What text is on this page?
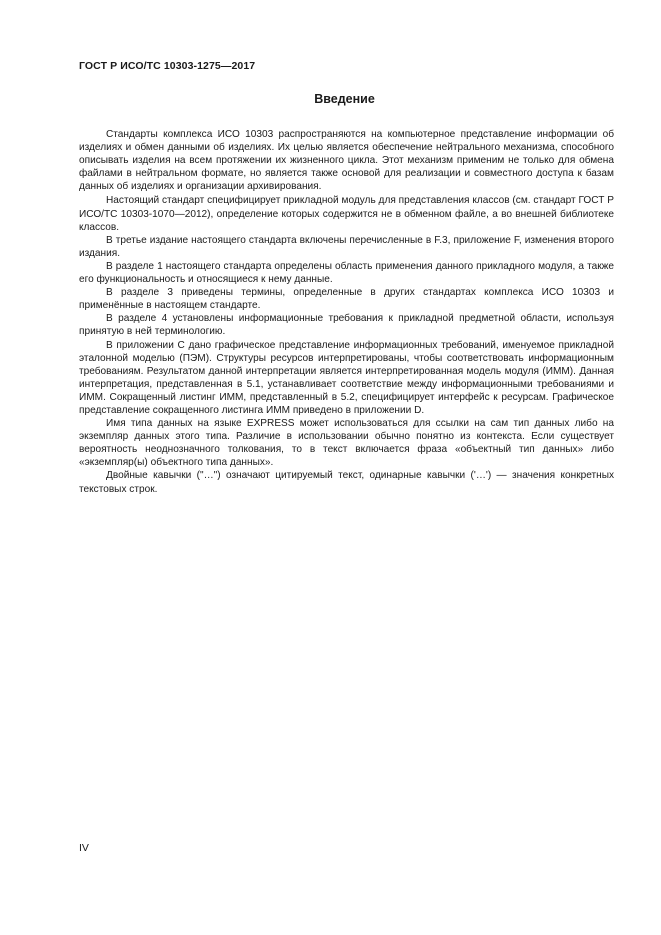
ГОСТ Р ИСО/ТС 10303-1275—2017
Введение

Стандарты комплекса ИСО 10303 распространяются на компьютерное представление информации об изделиях и обмен данными об изделиях. Их целью является обеспечение нейтрального механизма, способного описывать изделия на всем протяжении их жизненного цикла. Этот механизм применим не только для обмена файлами в нейтральном формате, но является также основой для реализации и совместного доступа к базам данных об изделиях и организации архивирования.

Настоящий стандарт специфицирует прикладной модуль для представления классов (см. стандарт ГОСТ Р ИСО/ТС 10303-1070—2012), определение которых содержится не в обменном файле, а во внешней библиотеке классов.

В третье издание настоящего стандарта включены перечисленные в F.3, приложение F, изменения второго издания.

В разделе 1 настоящего стандарта определены область применения данного прикладного модуля, а также его функциональность и относящиеся к нему данные.

В разделе 3 приведены термины, определенные в других стандартах комплекса ИСО 10303 и применённые в настоящем стандарте.

В разделе 4 установлены информационные требования к прикладной предметной области, используя принятую в ней терминологию.

В приложении С дано графическое представление информационных требований, именуемое прикладной эталонной моделью (ПЭМ). Структуры ресурсов интерпретированы, чтобы соответствовать информационным требованиям. Результатом данной интерпретации является интерпретированная модель модуля (ИММ). Данная интерпретация, представленная в 5.1, устанавливает соответствие между информационными требованиями и ИММ. Сокращенный листинг ИММ, представленный в 5.2, специфицирует интерфейс к ресурсам. Графическое представление сокращенного листинга ИММ приведено в приложении D.

Имя типа данных на языке EXPRESS может использоваться для ссылки на сам тип данных либо на экземпляр данных этого типа. Различие в использовании обычно понятно из контекста. Если существует вероятность неоднозначного толкования, то в текст включается фраза «объектный тип данных» либо «экземпляр(ы) объектного типа данных».

Двойные кавычки ("…") означают цитируемый текст, одинарные кавычки ('…') — значения конкретных текстовых строк.

IV
